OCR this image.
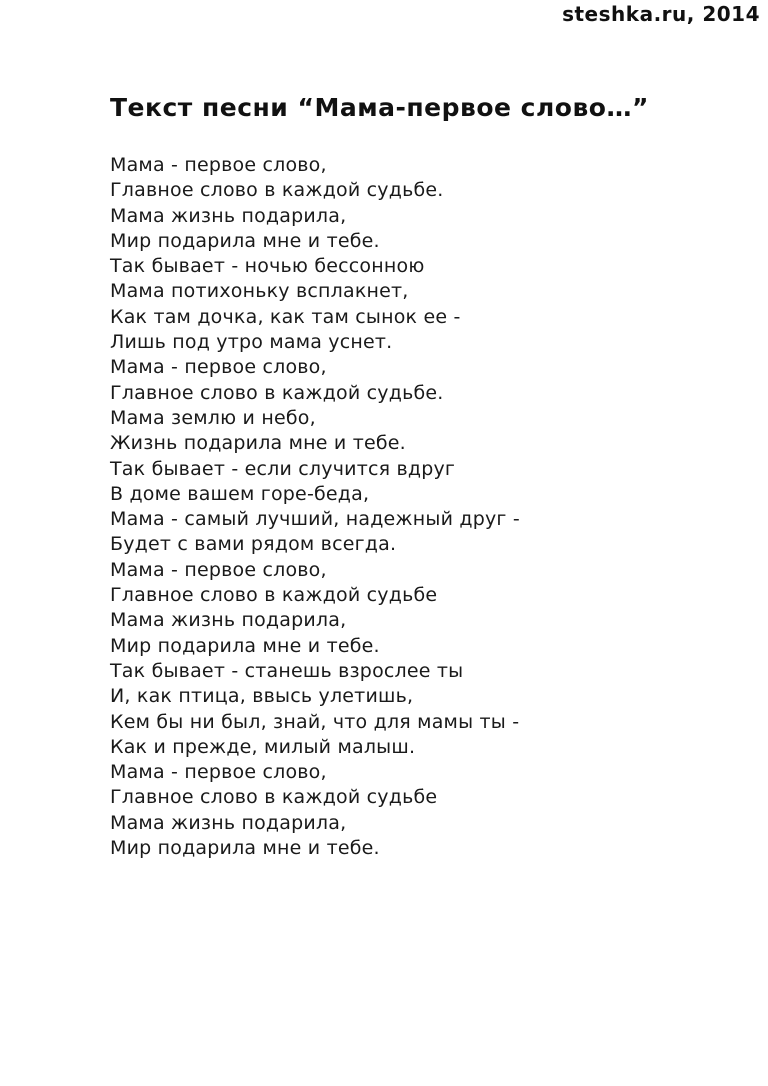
steshka.ru, 2014
Текст песни “Мама-первое слово…”
Мама - первое слово,
Главное слово в каждой судьбе.
Мама жизнь подарила,
Мир подарила мне и тебе.
Так бывает - ночью бессонною
Мама потихоньку всплакнет,
Как там дочка, как там сынок ее -
Лишь под утро мама уснет.
Мама - первое слово,
Главное слово в каждой судьбе.
Мама землю и небо,
Жизнь подарила мне и тебе.
Так бывает - если случится вдруг
В доме вашем горе-беда,
Мама - самый лучший, надежный друг -
Будет с вами рядом всегда.
Мама - первое слово,
Главное слово в каждой судьбе
Мама жизнь подарила,
Мир подарила мне и тебе.
Так бывает - станешь взрослее ты
И, как птица, ввысь улетишь,
Кем бы ни был, знай, что для мамы ты -
Как и прежде, милый малыш.
Мама - первое слово,
Главное слово в каждой судьбе
Мама жизнь подарила,
Мир подарила мне и тебе.
